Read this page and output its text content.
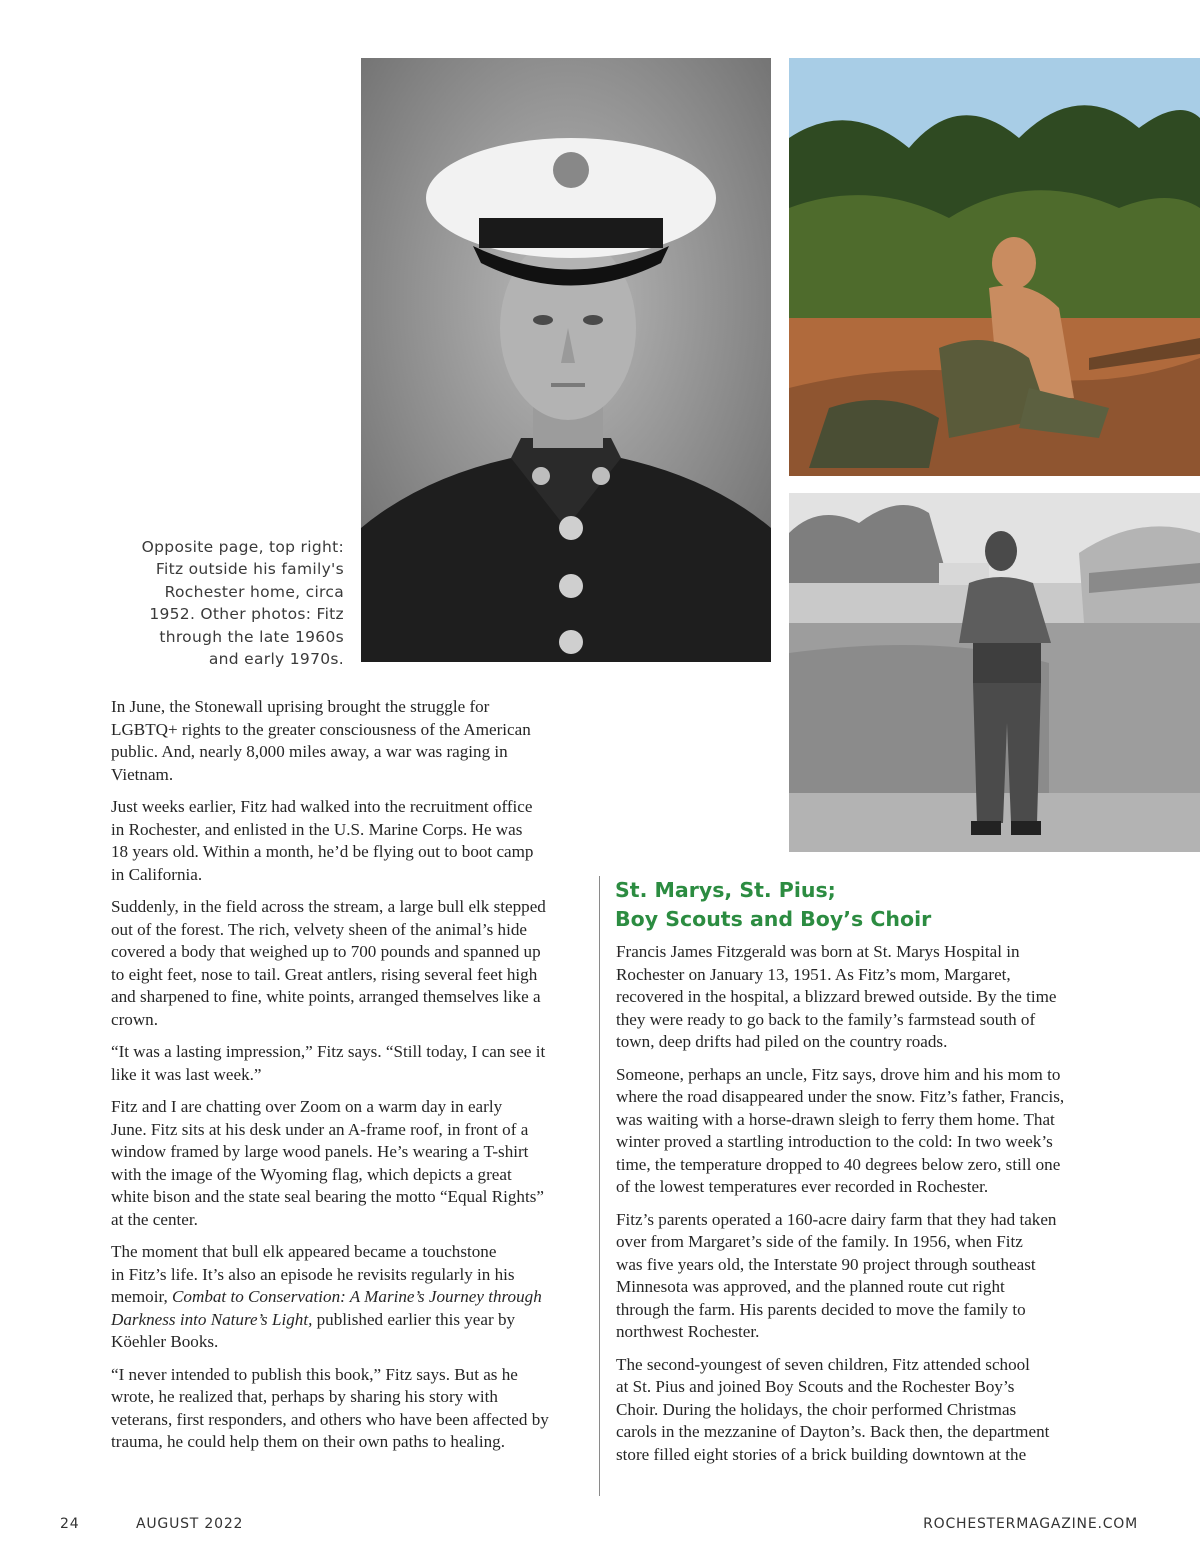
Opposite page, top right:
Fitz outside his family's
Rochester home, circa
1952. Other photos: Fitz
through the late 1960s
and early 1970s.

In June, the Stonewall uprising brought the struggle for
LGBTQ+ rights to the greater consciousness of the American
public. And, nearly 8,000 miles away, a war was raging in
Vietnam.

Just weeks earlier, Fitz had walked into the recruitment office
in Rochester, and enlisted in the U.S. Marine Corps. He was
18 years old. Within a month, he’d be flying out to boot camp
in California.

Suddenly, in the field across the stream, a large bull elk stepped
out of the forest. The rich, velvety sheen of the animal’s hide
covered a body that weighed up to 700 pounds and spanned up
to eight feet, nose to tail. Great antlers, rising several feet high
and sharpened to fine, white points, arranged themselves like a
crown.

“It was a lasting impression,” Fitz says. “Still today, I can see it
like it was last week.”

Fitz and I are chatting over Zoom on a warm day in early
June. Fitz sits at his desk under an A-frame roof, in front of a
window framed by large wood panels. He’s wearing a T-shirt
with the image of the Wyoming flag, which depicts a great
white bison and the state seal bearing the motto “Equal Rights”
at the center.

The moment that bull elk appeared became a touchstone
in Fitz’s life. It’s also an episode he revisits regularly in his
memoir, Combat to Conservation: A Marine’s Journey through
Darkness into Nature’s Light, published earlier this year by
Köehler Books.

“I never intended to publish this book,” Fitz says. But as he
wrote, he realized that, perhaps by sharing his story with
veterans, first responders, and others who have been affected by
trauma, he could help them on their own paths to healing.

St. Marys, St. Pius;
Boy Scouts and Boy’s Choir

Francis James Fitzgerald was born at St. Marys Hospital in
Rochester on January 13, 1951. As Fitz’s mom, Margaret,
recovered in the hospital, a blizzard brewed outside. By the time
they were ready to go back to the family’s farmstead south of
town, deep drifts had piled on the country roads.

Someone, perhaps an uncle, Fitz says, drove him and his mom to
where the road disappeared under the snow. Fitz’s father, Francis,
was waiting with a horse-drawn sleigh to ferry them home. That
winter proved a startling introduction to the cold: In two week’s
time, the temperature dropped to 40 degrees below zero, still one
of the lowest temperatures ever recorded in Rochester.

Fitz’s parents operated a 160-acre dairy farm that they had taken
over from Margaret’s side of the family. In 1956, when Fitz
was five years old, the Interstate 90 project through southeast
Minnesota was approved, and the planned route cut right
through the farm. His parents decided to move the family to
northwest Rochester.

The second-youngest of seven children, Fitz attended school
at St. Pius and joined Boy Scouts and the Rochester Boy’s
Choir. During the holidays, the choir performed Christmas
carols in the mezzanine of Dayton’s. Back then, the department
store filled eight stories of a brick building downtown at the

24	AUGUST 2022	ROCHESTERMAGAZINE.COM
